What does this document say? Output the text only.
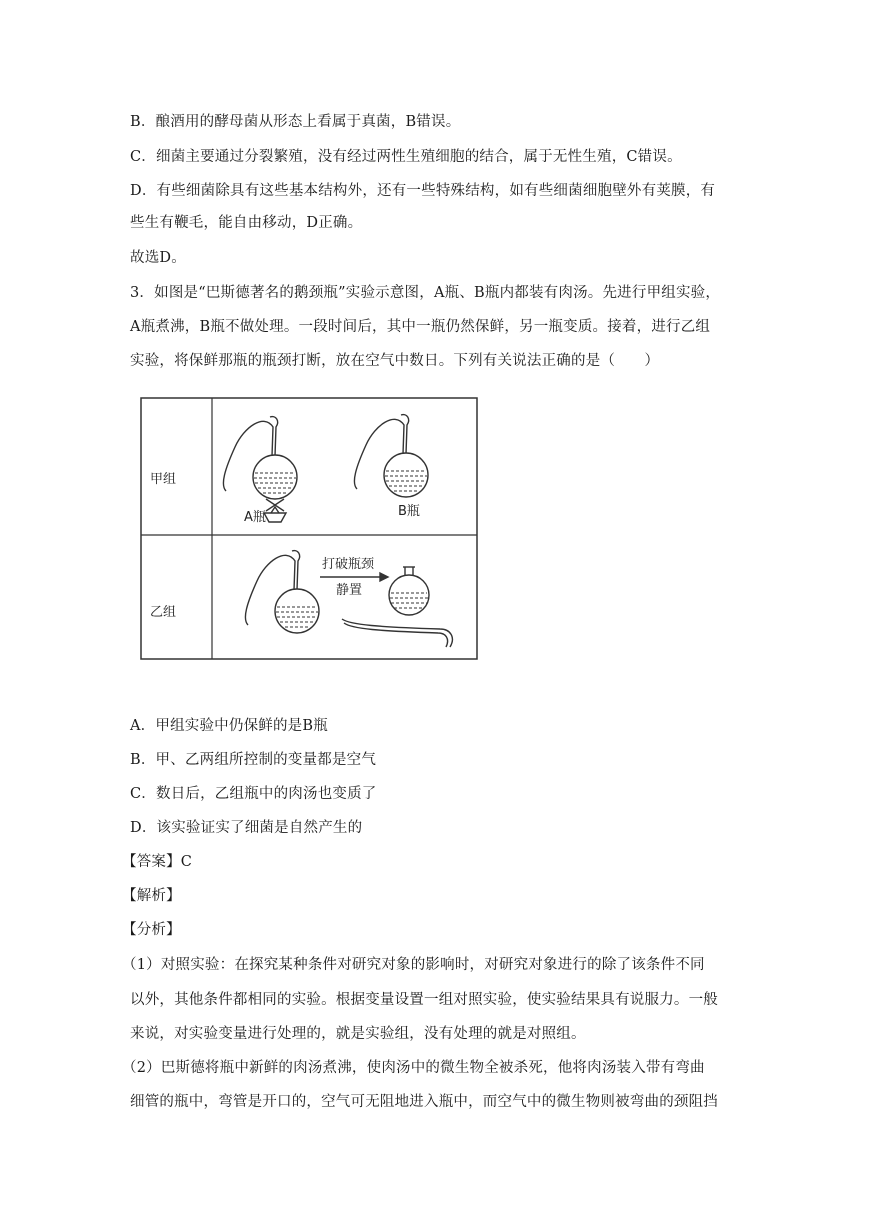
B．酿酒用的酵母菌从形态上看属于真菌，B错误。
C．细菌主要通过分裂繁殖，没有经过两性生殖细胞的结合，属于无性生殖，C错误。
D．有些细菌除具有这些基本结构外，还有一些特殊结构，如有些细菌细胞壁外有荚膜，有
些生有鞭毛，能自由移动，D正确。
故选D。
3．如图是“巴斯德著名的鹅颈瓶”实验示意图，A瓶、B瓶内都装有肉汤。先进行甲组实验，
A瓶煮沸，B瓶不做处理。一段时间后，其中一瓶仍然保鲜，另一瓶变质。接着，进行乙组
实验，将保鲜那瓶的瓶颈打断，放在空气中数日。下列有关说法正确的是（　　）
甲组
乙组
A瓶	B瓶
打破瓶颈
静置
A．甲组实验中仍保鲜的是B瓶
B．甲、乙两组所控制的变量都是空气
C．数日后，乙组瓶中的肉汤也变质了
D．该实验证实了细菌是自然产生的
【答案】C
【解析】
【分析】
（1）对照实验：在探究某种条件对研究对象的影响时，对研究对象进行的除了该条件不同
以外，其他条件都相同的实验。根据变量设置一组对照实验，使实验结果具有说服力。一般
来说，对实验变量进行处理的，就是实验组，没有处理的就是对照组。
（2）巴斯德将瓶中新鲜的肉汤煮沸，使肉汤中的微生物全被杀死，他将肉汤装入带有弯曲
细管的瓶中，弯管是开口的，空气可无阻地进入瓶中，而空气中的微生物则被弯曲的颈阻挡
